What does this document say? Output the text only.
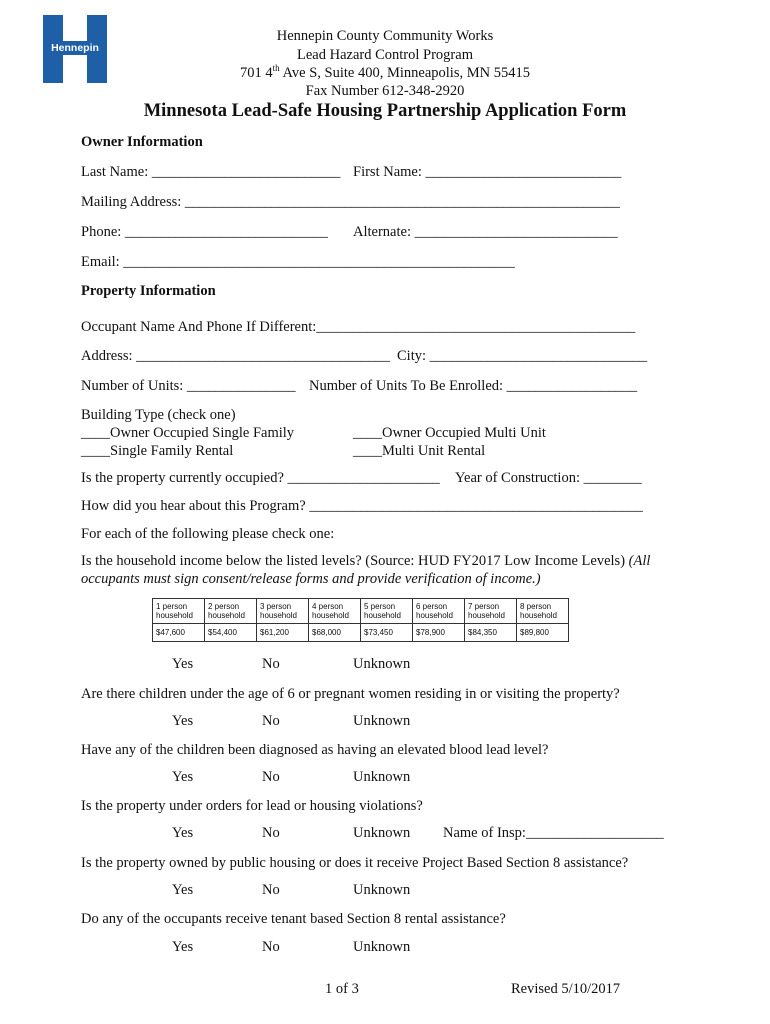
Hennepin
Hennepin County Community Works
Lead Hazard Control Program
701 4th Ave S, Suite 400, Minneapolis, MN 55415
Fax Number 612-348-2920
Minnesota Lead-Safe Housing Partnership Application Form
Owner Information
Last Name: __________________________ First Name: ___________________________
Mailing Address: ____________________________________________________________
Phone: ____________________________ Alternate: ____________________________
Email: ______________________________________________________
Property Information
Occupant Name And Phone If Different:____________________________________________
Address: ___________________________________ City: ______________________________
Number of Units: _______________ Number of Units To Be Enrolled: __________________
Building Type (check one)
____Owner Occupied Single Family	____Owner Occupied Multi Unit
____Single Family Rental	____Multi Unit Rental
Is the property currently occupied? _____________________ Year of Construction: ________
How did you hear about this Program? ______________________________________________
For each of the following please check one:
Is the household income below the listed levels? (Source: HUD FY2017 Low Income Levels) (All
occupants must sign consent/release forms and provide verification of income.)
1 person household	2 person household	3 person household	4 person household	5 person household	6 person household	7 person household	8 person household
$47,600	$54,400	$61,200	$68,000	$73,450	$78,900	$84,350	$89,800
Yes	No	Unknown
Are there children under the age of 6 or pregnant women residing in or visiting the property?
Yes	No	Unknown
Have any of the children been diagnosed as having an elevated blood lead level?
Yes	No	Unknown
Is the property under orders for lead or housing violations?
Yes	No	Unknown Name of Insp:___________________
Is the property owned by public housing or does it receive Project Based Section 8 assistance?
Yes	No	Unknown
Do any of the occupants receive tenant based Section 8 rental assistance?
Yes	No	Unknown
1 of 3	Revised 5/10/2017
